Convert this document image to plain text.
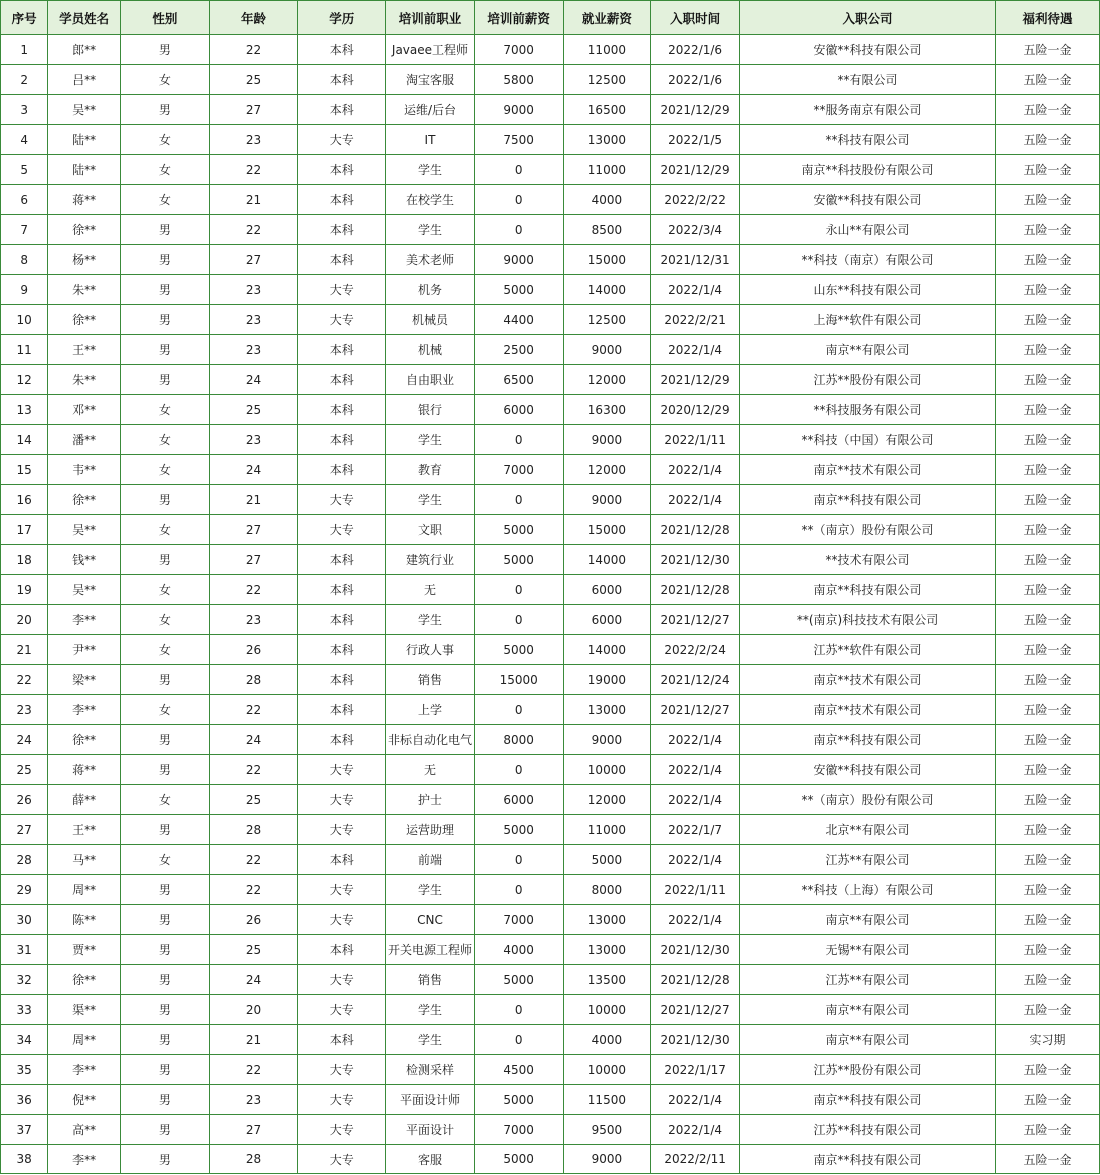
序号	学员姓名	性别	年龄	学历	培训前职业	培训前薪资	就业薪资	入职时间	入职公司	福利待遇
1	郎**	男	22	本科	Javaee工程师	7000	11000	2022/1/6	安徽**科技有限公司	五险一金
2	吕**	女	25	本科	淘宝客服	5800	12500	2022/1/6	**有限公司	五险一金
3	吴**	男	27	本科	运维/后台	9000	16500	2021/12/29	**服务南京有限公司	五险一金
4	陆**	女	23	大专	IT	7500	13000	2022/1/5	**科技有限公司	五险一金
5	陆**	女	22	本科	学生	0	11000	2021/12/29	南京**科技股份有限公司	五险一金
6	蒋**	女	21	本科	在校学生	0	4000	2022/2/22	安徽**科技有限公司	五险一金
7	徐**	男	22	本科	学生	0	8500	2022/3/4	永山**有限公司	五险一金
8	杨**	男	27	本科	美术老师	9000	15000	2021/12/31	**科技（南京）有限公司	五险一金
9	朱**	男	23	大专	机务	5000	14000	2022/1/4	山东**科技有限公司	五险一金
10	徐**	男	23	大专	机械员	4400	12500	2022/2/21	上海**软件有限公司	五险一金
11	王**	男	23	本科	机械	2500	9000	2022/1/4	南京**有限公司	五险一金
12	朱**	男	24	本科	自由职业	6500	12000	2021/12/29	江苏**股份有限公司	五险一金
13	邓**	女	25	本科	银行	6000	16300	2020/12/29	**科技服务有限公司	五险一金
14	潘**	女	23	本科	学生	0	9000	2022/1/11	**科技（中国）有限公司	五险一金
15	韦**	女	24	本科	教育	7000	12000	2022/1/4	南京**技术有限公司	五险一金
16	徐**	男	21	大专	学生	0	9000	2022/1/4	南京**科技有限公司	五险一金
17	吴**	女	27	大专	文职	5000	15000	2021/12/28	**（南京）股份有限公司	五险一金
18	钱**	男	27	本科	建筑行业	5000	14000	2021/12/30	**技术有限公司	五险一金
19	吴**	女	22	本科	无	0	6000	2021/12/28	南京**科技有限公司	五险一金
20	李**	女	23	本科	学生	0	6000	2021/12/27	**(南京)科技技术有限公司	五险一金
21	尹**	女	26	本科	行政人事	5000	14000	2022/2/24	江苏**软件有限公司	五险一金
22	梁**	男	28	本科	销售	15000	19000	2021/12/24	南京**技术有限公司	五险一金
23	李**	女	22	本科	上学	0	13000	2021/12/27	南京**技术有限公司	五险一金
24	徐**	男	24	本科	非标自动化电气	8000	9000	2022/1/4	南京**科技有限公司	五险一金
25	蒋**	男	22	大专	无	0	10000	2022/1/4	安徽**科技有限公司	五险一金
26	薛**	女	25	大专	护士	6000	12000	2022/1/4	**（南京）股份有限公司	五险一金
27	王**	男	28	大专	运营助理	5000	11000	2022/1/7	北京**有限公司	五险一金
28	马**	女	22	本科	前端	0	5000	2022/1/4	江苏**有限公司	五险一金
29	周**	男	22	大专	学生	0	8000	2022/1/11	**科技（上海）有限公司	五险一金
30	陈**	男	26	大专	CNC	7000	13000	2022/1/4	南京**有限公司	五险一金
31	贾**	男	25	本科	开关电源工程师	4000	13000	2021/12/30	无锡**有限公司	五险一金
32	徐**	男	24	大专	销售	5000	13500	2021/12/28	江苏**有限公司	五险一金
33	渠**	男	20	大专	学生	0	10000	2021/12/27	南京**有限公司	五险一金
34	周**	男	21	本科	学生	0	4000	2021/12/30	南京**有限公司	实习期
35	李**	男	22	大专	检测采样	4500	10000	2022/1/17	江苏**股份有限公司	五险一金
36	倪**	男	23	大专	平面设计师	5000	11500	2022/1/4	南京**科技有限公司	五险一金
37	高**	男	27	大专	平面设计	7000	9500	2022/1/4	江苏**科技有限公司	五险一金
38	李**	男	28	大专	客服	5000	9000	2022/2/11	南京**科技有限公司	五险一金
